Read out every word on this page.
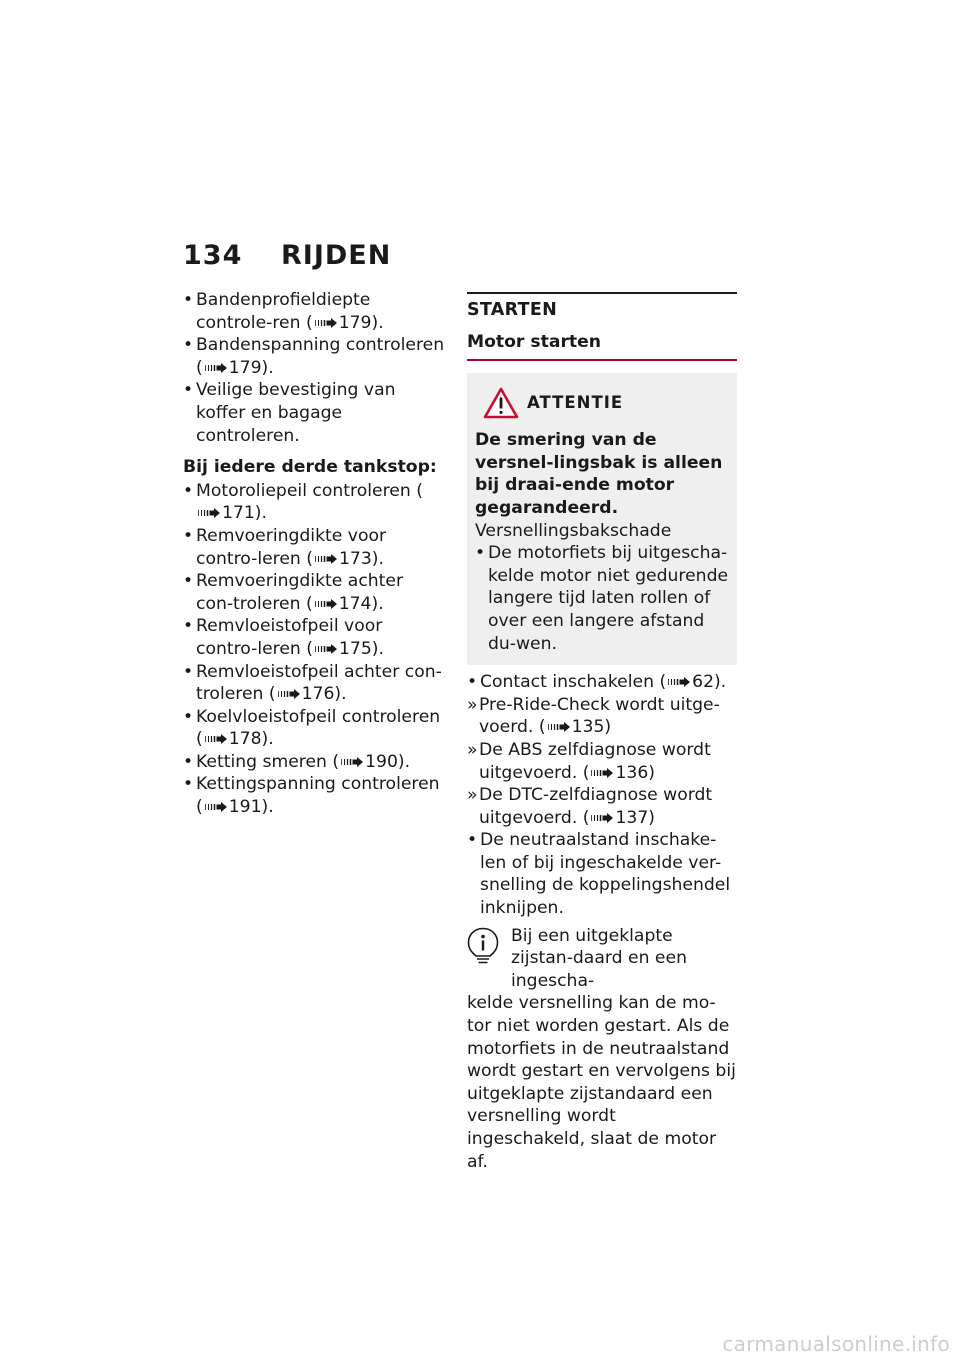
134 RIJDEN
• Bandenprofieldiepte controle-ren ( 179).
• Bandenspanning controleren ( 179).
• Veilige bevestiging van koffer en bagage controleren.
Bij iedere derde tankstop:
• Motoroliepeil controleren (171).
• Remvoeringdikte voor contro-leren ( 173).
• Remvoeringdikte achter con-troleren ( 174).
• Remvloeistofpeil voor contro-leren ( 175).
• Remvloeistofpeil achter con-troleren ( 176).
• Koelvloeistofpeil controleren ( 178).
• Ketting smeren ( 190).
• Kettingspanning controleren ( 191).
STARTEN
Motor starten
ATTENTIE
De smering van de versnel-lingsbak is alleen bij draai-ende motor gegarandeerd.
Versnellingsbakschade
• De motorfiets bij uitgescha-kelde motor niet gedurende langere tijd laten rollen of over een langere afstand du-wen.
• Contact inschakelen ( 62).
» Pre-Ride-Check wordt uitge-voerd. ( 135)
» De ABS zelfdiagnose wordt uitgevoerd. ( 136)
» De DTC-zelfdiagnose wordt uitgevoerd. ( 137)
• De neutraalstand inschake-len of bij ingeschakelde ver-snelling de koppelingshendel inknijpen.
Bij een uitgeklapte zijstan-daard en een ingescha-
kelde versnelling kan de mo-tor niet worden gestart. Als de motorfiets in de neutraalstand wordt gestart en vervolgens bij uitgeklapte zijstandaard een versnelling wordt ingeschakeld, slaat de motor af.
carmanualsonline.info
